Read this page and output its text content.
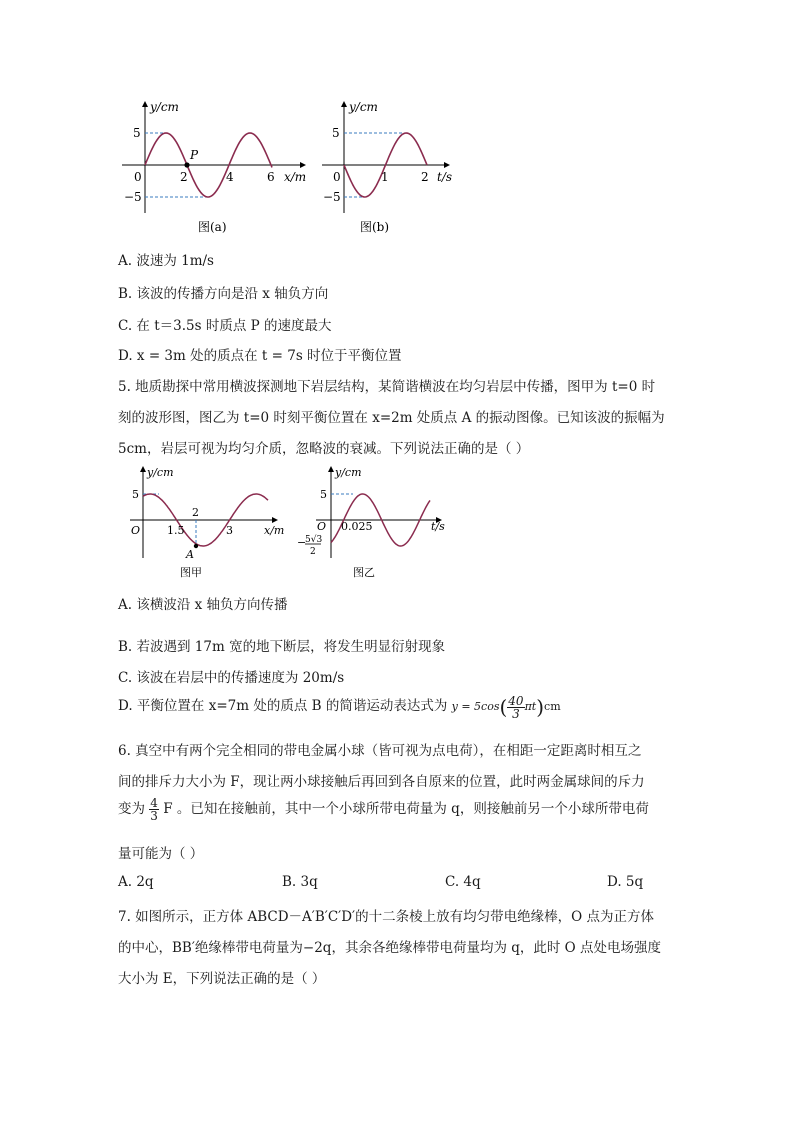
y/cm
P
5
−5
0	2	4	6 x/m
图(a)
y/cm
5
−5
0	1	2 t/s
图(b)
A. 波速为 1m/s
B. 该波的传播方向是沿 x 轴负方向
C. 在 t＝3.5s 时质点 P 的速度最大
D. x = 3m 处的质点在 t = 7s 时位于平衡位置
5. 地质勘探中常用横波探测地下岩层结构，某简谐横波在均匀岩层中传播，图甲为 t=0 时
刻的波形图，图乙为 t=0 时刻平衡位置在 x=2m 处质点 A 的振动图像。已知该波的振幅为
5cm，岩层可视为均匀介质，忽略波的衰减。下列说法正确的是（ ）
y/cm
5
O 1.5
2
3	x/m
A
图甲
y/cm
5
O 0.025	t/s
−
5√3
2
图乙
A. 该横波沿 x 轴负方向传播
B. 若波遇到 17m 宽的地下断层，将发生明显衍射现象
C. 该波在岩层中的传播速度为 20m/s
D. 平衡位置在 x=7m 处的质点 B 的简谐运动表达式为 $y = 5\cos( \frac{40}{3} \pi t)cm$
6. 真空中有两个完全相同的带电金属小球（皆可视为点电荷），在相距一定距离时相互之
间的排斥力大小为 F，现让两小球接触后再回到各自原来的位置，此时两金属球间的斥力
变为 $\frac{4}{3}$ F 。已知在接触前，其中一个小球所带电荷量为 q，则接触前另一个小球所带电荷
量可能为（ ）
A. 2q	B. 3q	C. 4q	D. 5q
7. 如图所示，正方体 ABCD－A′B′C′D′的十二条棱上放有均匀带电绝缘棒，O 点为正方体
的中心，BB′绝缘棒带电荷量为−2q，其余各绝缘棒带电荷量均为 q，此时 O 点处电场强度
大小为 E，下列说法正确的是（ ）
